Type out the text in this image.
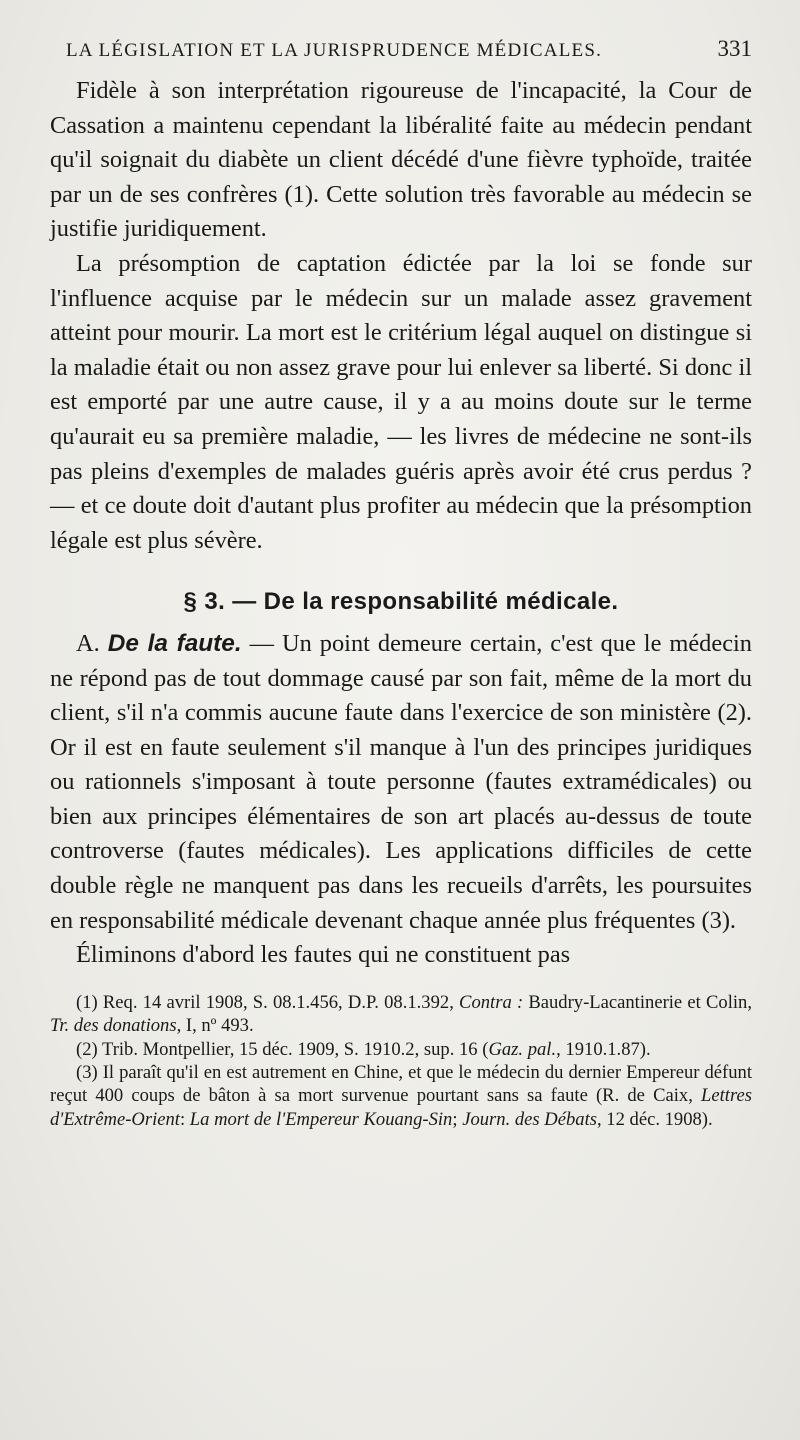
LA LÉGISLATION ET LA JURISPRUDENCE MÉDICALES.	331

Fidèle à son interprétation rigoureuse de l'incapacité, la Cour de Cassation a maintenu cependant la libéralité faite au médecin pendant qu'il soignait du diabète un client décédé d'une fièvre typhoïde, traitée par un de ses confrères (1). Cette solution très favorable au médecin se justifie juridiquement.

La présomption de captation édictée par la loi se fonde sur l'influence acquise par le médecin sur un malade assez gravement atteint pour mourir. La mort est le critérium légal auquel on distingue si la maladie était ou non assez grave pour lui enlever sa liberté. Si donc il est emporté par une autre cause, il y a au moins doute sur le terme qu'aurait eu sa première maladie, — les livres de médecine ne sont-ils pas pleins d'exemples de malades guéris après avoir été crus perdus ? — et ce doute doit d'autant plus profiter au médecin que la présomption légale est plus sévère.

§ 3. — De la responsabilité médicale.

A. De la faute. — Un point demeure certain, c'est que le médecin ne répond pas de tout dommage causé par son fait, même de la mort du client, s'il n'a commis aucune faute dans l'exercice de son ministère (2). Or il est en faute seulement s'il manque à l'un des principes juridiques ou rationnels s'imposant à toute personne (fautes extramédicales) ou bien aux principes élémentaires de son art placés au-dessus de toute controverse (fautes médicales). Les applications difficiles de cette double règle ne manquent pas dans les recueils d'arrêts, les poursuites en responsabilité médicale devenant chaque année plus fréquentes (3).

Éliminons d'abord les fautes qui ne constituent pas

(1) Req. 14 avril 1908, S. 08.1.456, D.P. 08.1.392, Contra : Baudry-Lacantinerie et Colin, Tr. des donations, I, nº 493.

(2) Trib. Montpellier, 15 déc. 1909, S. 1910.2, sup. 16 (Gaz. pal., 1910.1.87).

(3) Il paraît qu'il en est autrement en Chine, et que le médecin du dernier Empereur défunt reçut 400 coups de bâton à sa mort survenue pourtant sans sa faute (R. de Caix, Lettres d'Extrême-Orient: La mort de l'Empereur Kouang-Sin; Journ. des Débats, 12 déc. 1908).
